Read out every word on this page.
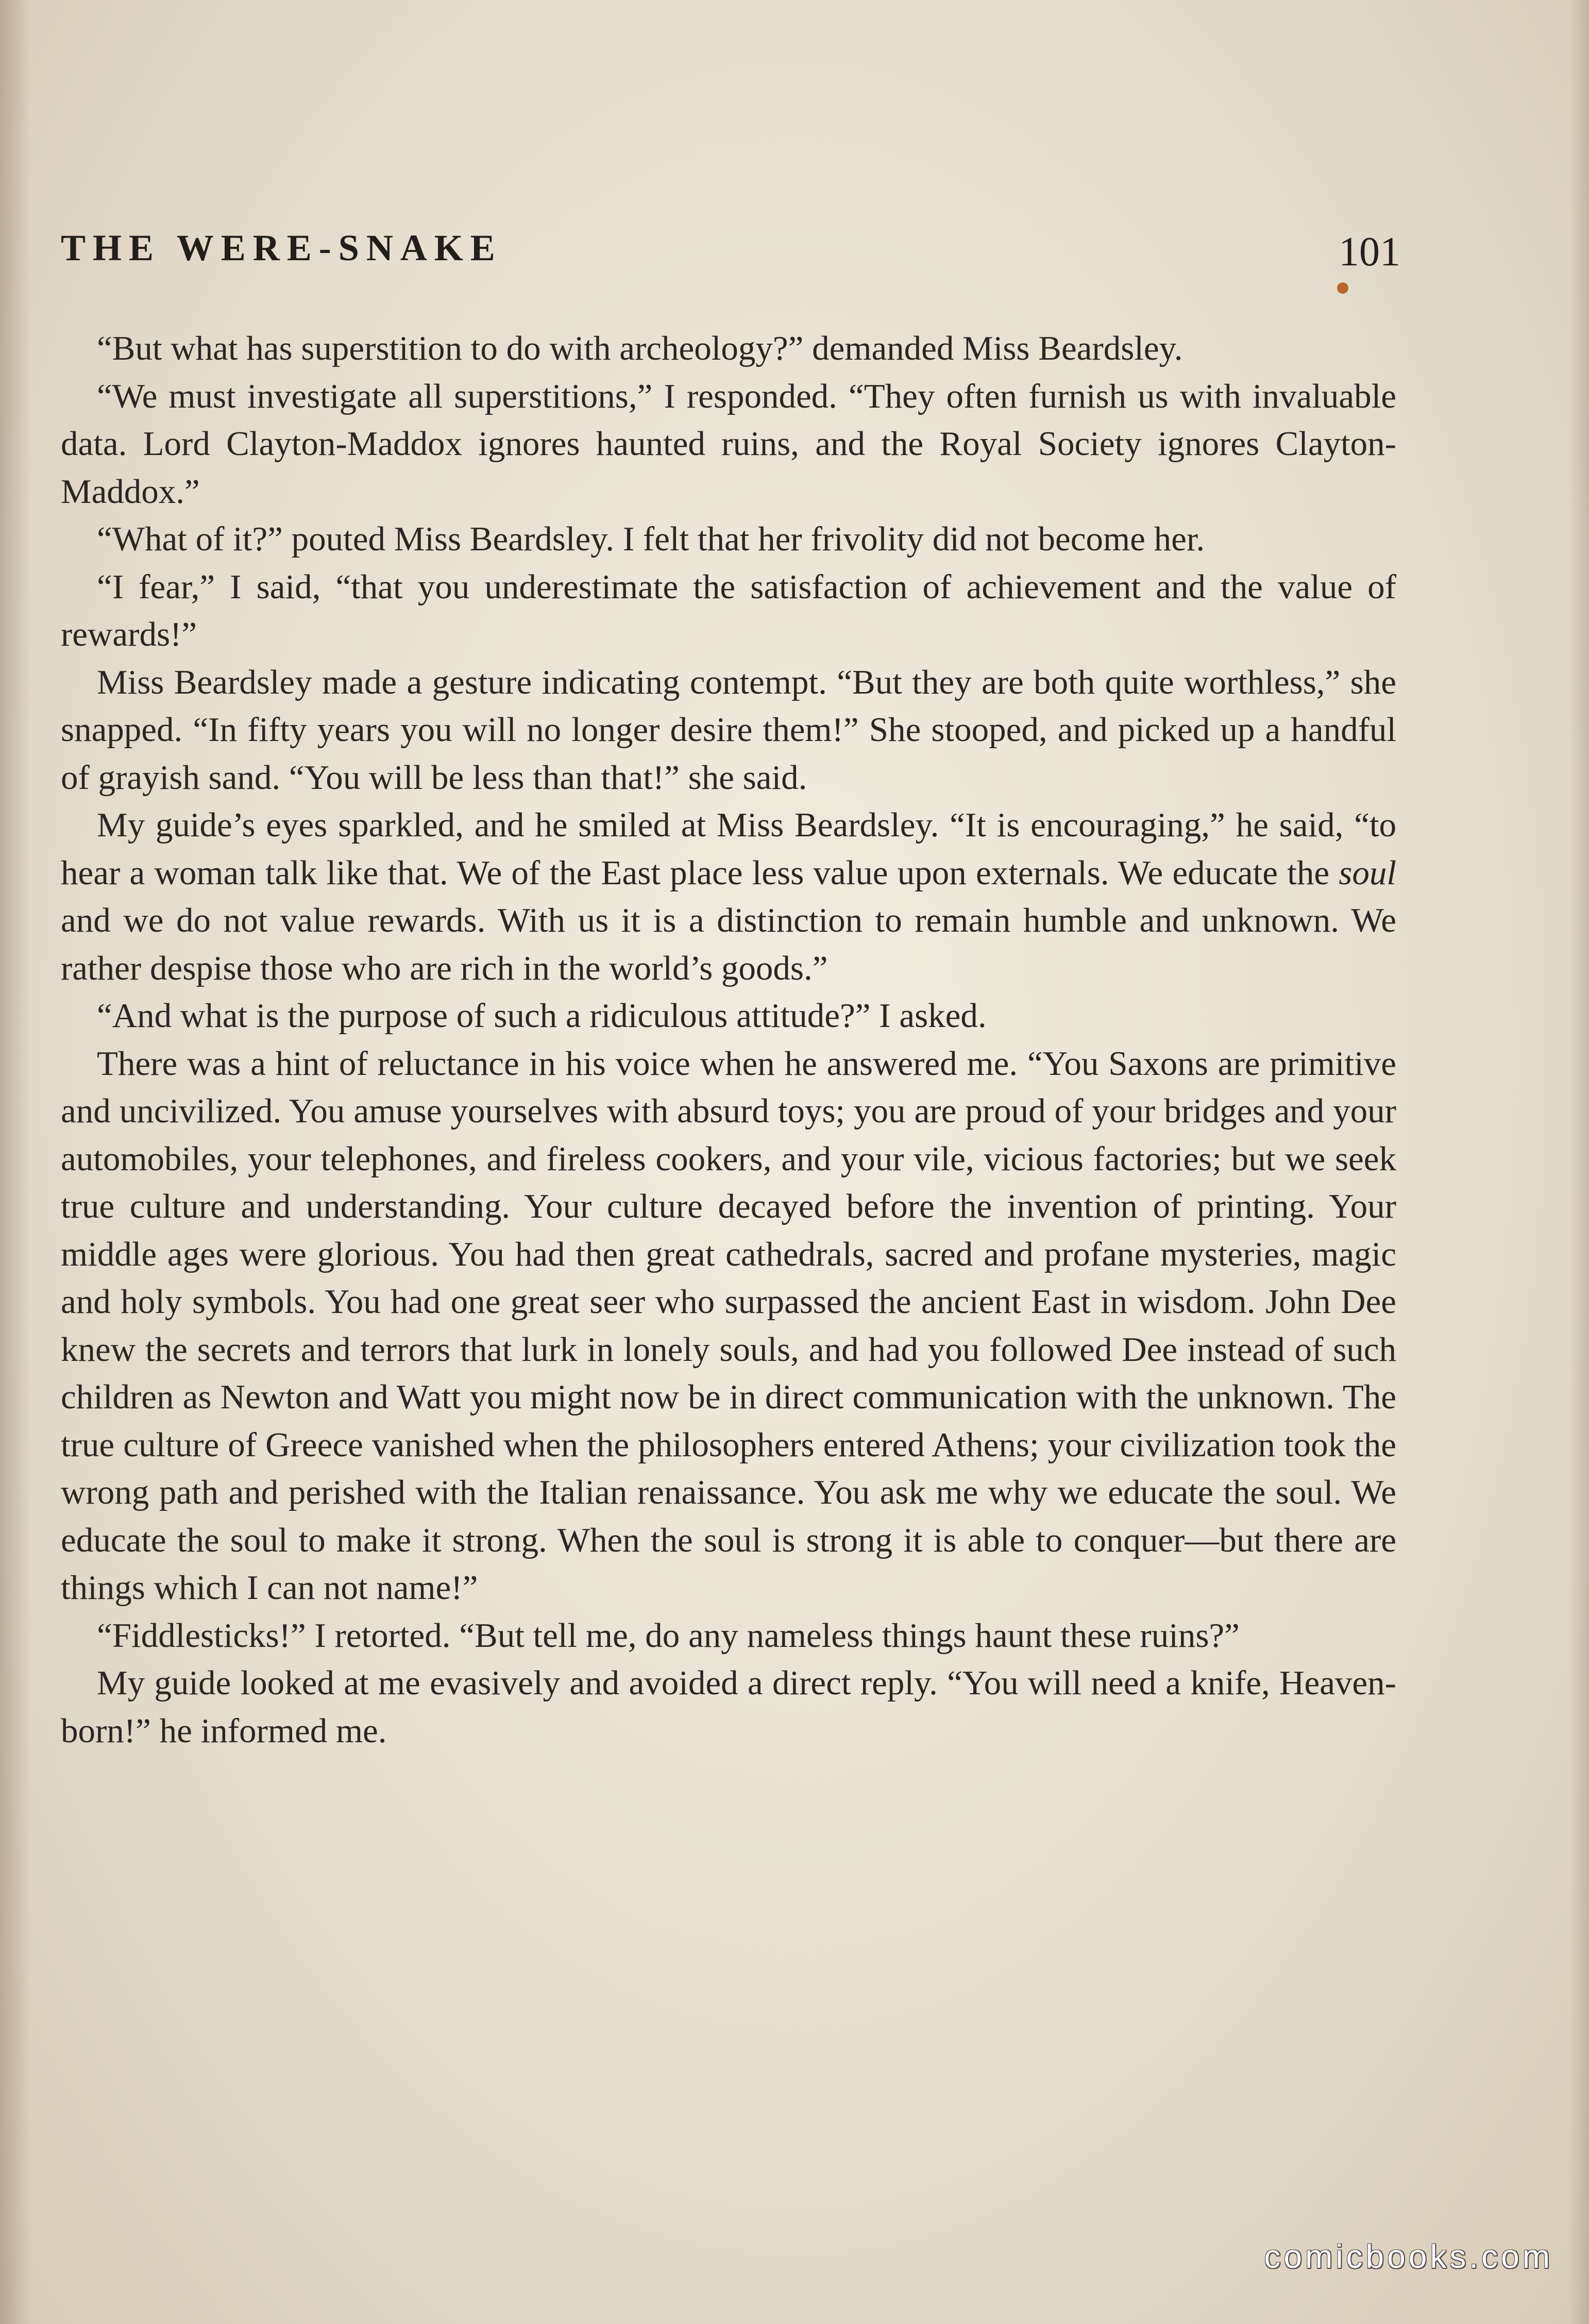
THE WERE-SNAKE	101

“But what has superstition to do with archeology?” demanded Miss Beardsley.

“We must investigate all superstitions,” I responded. “They often furnish us with invaluable data. Lord Clayton-Maddox ignores haunted ruins, and the Royal Society ignores Clayton-Maddox.”

“What of it?” pouted Miss Beardsley. I felt that her frivolity did not become her.

“I fear,” I said, “that you underestimate the satisfaction of achievement and the value of rewards!”

Miss Beardsley made a gesture indicating contempt. “But they are both quite worthless,” she snapped. “In fifty years you will no longer desire them!” She stooped, and picked up a handful of grayish sand. “You will be less than that!” she said.

My guide’s eyes sparkled, and he smiled at Miss Beardsley. “It is encouraging,” he said, “to hear a woman talk like that. We of the East place less value upon externals. We educate the soul and we do not value rewards. With us it is a distinction to remain humble and unknown. We rather despise those who are rich in the world’s goods.”

“And what is the purpose of such a ridiculous attitude?” I asked.

There was a hint of reluctance in his voice when he answered me. “You Saxons are primitive and uncivilized. You amuse yourselves with absurd toys; you are proud of your bridges and your automobiles, your telephones, and fireless cookers, and your vile, vicious factories; but we seek true culture and understanding. Your culture decayed before the invention of printing. Your middle ages were glorious. You had then great cathedrals, sacred and profane mysteries, magic and holy symbols. You had one great seer who surpassed the ancient East in wisdom. John Dee knew the secrets and terrors that lurk in lonely souls, and had you followed Dee instead of such children as Newton and Watt you might now be in direct communication with the unknown. The true culture of Greece vanished when the philosophers entered Athens; your civilization took the wrong path and perished with the Italian renaissance. You ask me why we educate the soul. We educate the soul to make it strong. When the soul is strong it is able to conquer—but there are things which I can not name!”

“Fiddlesticks!” I retorted. “But tell me, do any nameless things haunt these ruins?”

My guide looked at me evasively and avoided a direct reply. “You will need a knife, Heaven-born!” he informed me.

comicbooks.com
